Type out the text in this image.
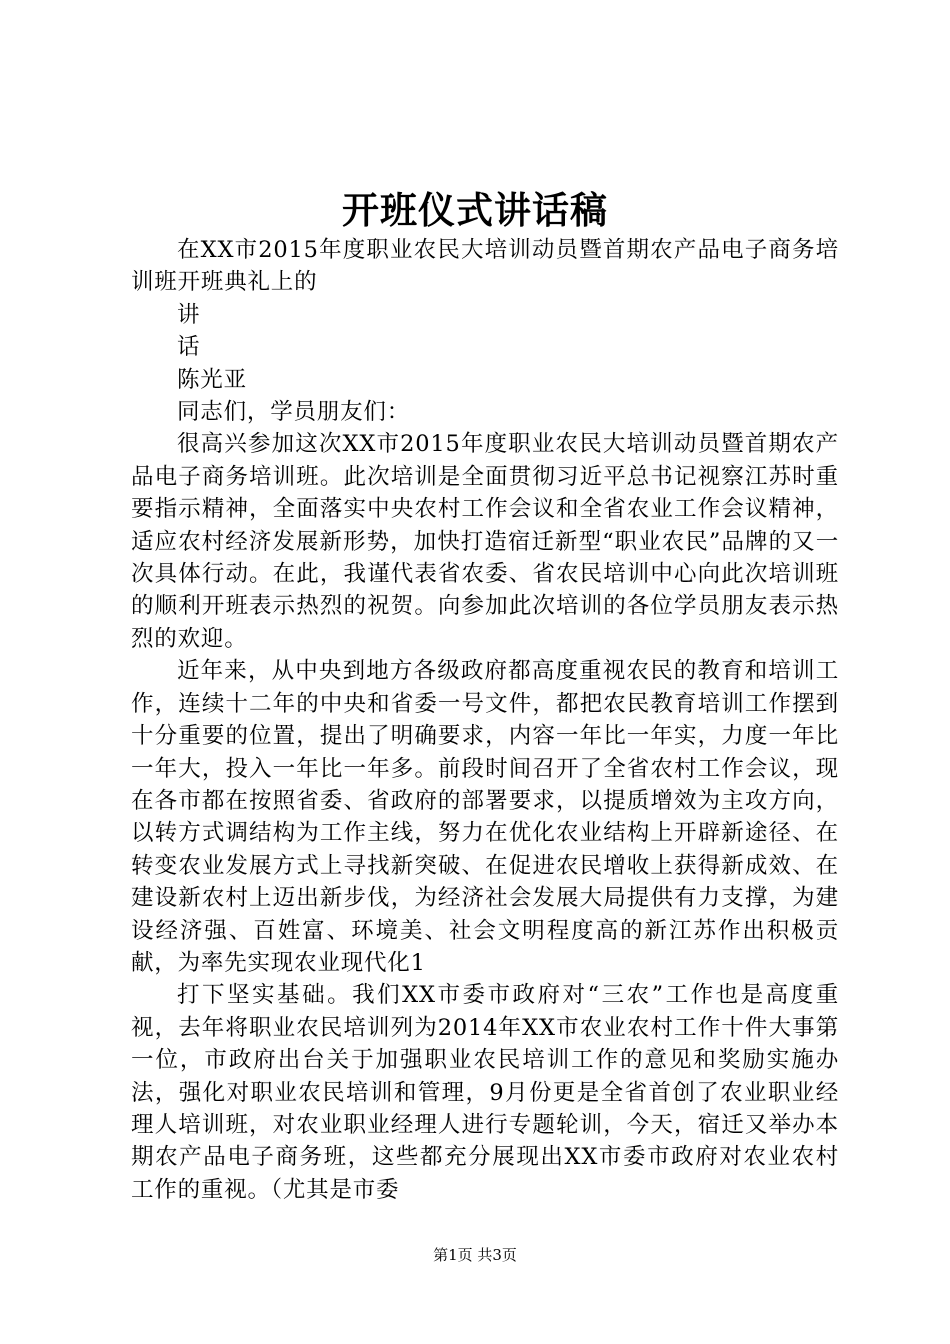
开班仪式讲话稿

在XX市2015年度职业农民大培训动员暨首期农产品电子商务培训班开班典礼上的

讲

话

陈光亚

同志们，学员朋友们：

很高兴参加这次XX市2015年度职业农民大培训动员暨首期农产品电子商务培训班。此次培训是全面贯彻习近平总书记视察江苏时重要指示精神，全面落实中央农村工作会议和全省农业工作会议精神，适应农村经济发展新形势，加快打造宿迁新型“职业农民”品牌的又一次具体行动。在此，我谨代表省农委、省农民培训中心向此次培训班的顺利开班表示热烈的祝贺。向参加此次培训的各位学员朋友表示热烈的欢迎。

近年来，从中央到地方各级政府都高度重视农民的教育和培训工作，连续十二年的中央和省委一号文件，都把农民教育培训工作摆到十分重要的位置，提出了明确要求，内容一年比一年实，力度一年比一年大，投入一年比一年多。前段时间召开了全省农村工作会议，现在各市都在按照省委、省政府的部署要求，以提质增效为主攻方向，以转方式调结构为工作主线，努力在优化农业结构上开辟新途径、在转变农业发展方式上寻找新突破、在促进农民增收上获得新成效、在建设新农村上迈出新步伐，为经济社会发展大局提供有力支撑，为建设经济强、百姓富、环境美、社会文明程度高的新江苏作出积极贡献，为率先实现农业现代化1

打下坚实基础。我们XX市委市政府对“三农”工作也是高度重视，去年将职业农民培训列为2014年XX市农业农村工作十件大事第一位，市政府出台关于加强职业农民培训工作的意见和奖励实施办法，强化对职业农民培训和管理，9月份更是全省首创了农业职业经理人培训班，对农业职业经理人进行专题轮训，今天，宿迁又举办本期农产品电子商务班，这些都充分展现出XX市委市政府对农业农村工作的重视。（尤其是市委

第1页 共3页
